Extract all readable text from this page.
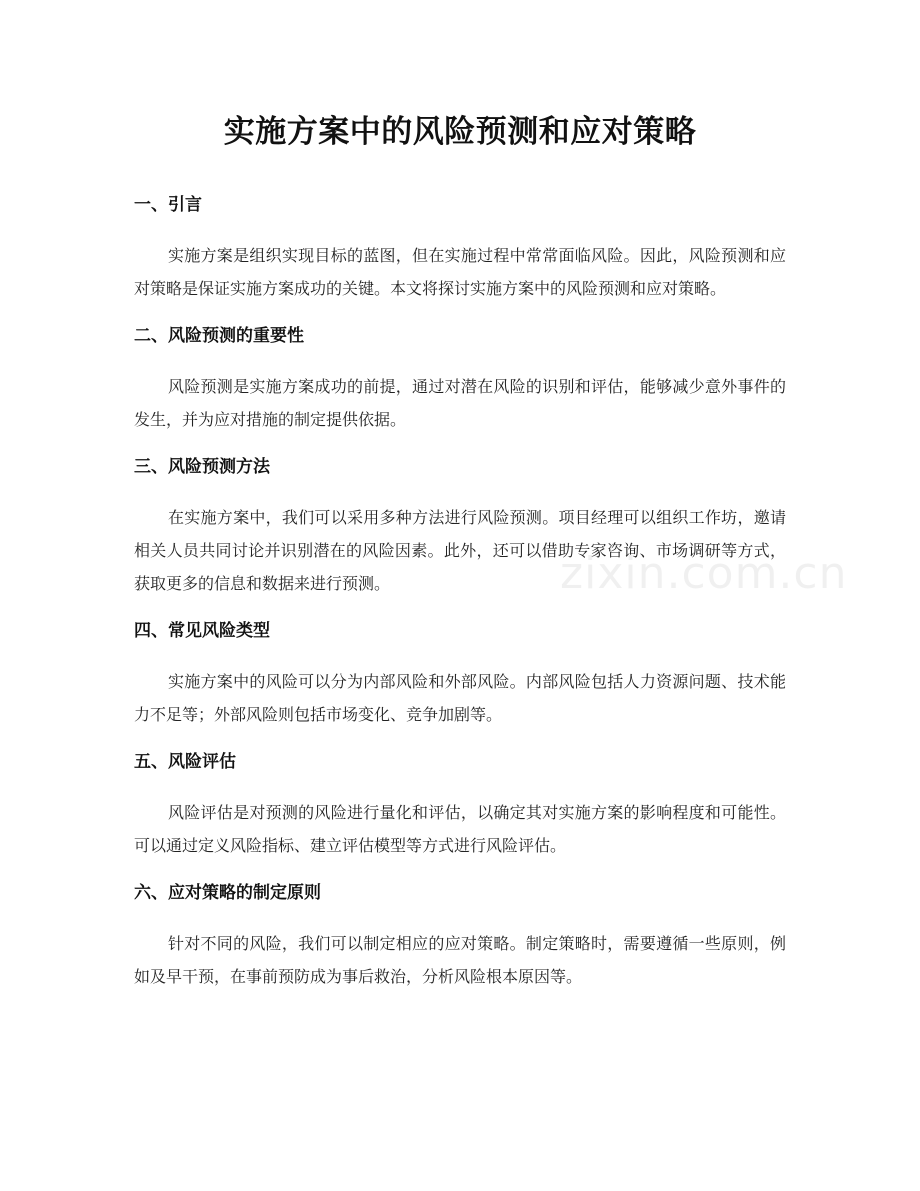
实施方案中的风险预测和应对策略
一、引言

实施方案是组织实现目标的蓝图，但在实施过程中常常面临风险。因此，风险预测和应对策略是保证实施方案成功的关键。本文将探讨实施方案中的风险预测和应对策略。

二、风险预测的重要性

风险预测是实施方案成功的前提，通过对潜在风险的识别和评估，能够减少意外事件的发生，并为应对措施的制定提供依据。

三、风险预测方法

在实施方案中，我们可以采用多种方法进行风险预测。项目经理可以组织工作坊，邀请相关人员共同讨论并识别潜在的风险因素。此外，还可以借助专家咨询、市场调研等方式，获取更多的信息和数据来进行预测。

四、常见风险类型

实施方案中的风险可以分为内部风险和外部风险。内部风险包括人力资源问题、技术能力不足等；外部风险则包括市场变化、竞争加剧等。

五、风险评估

风险评估是对预测的风险进行量化和评估，以确定其对实施方案的影响程度和可能性。可以通过定义风险指标、建立评估模型等方式进行风险评估。

六、应对策略的制定原则

针对不同的风险，我们可以制定相应的应对策略。制定策略时，需要遵循一些原则，例如及早干预，在事前预防成为事后救治，分析风险根本原因等。

zixin.com.cn
